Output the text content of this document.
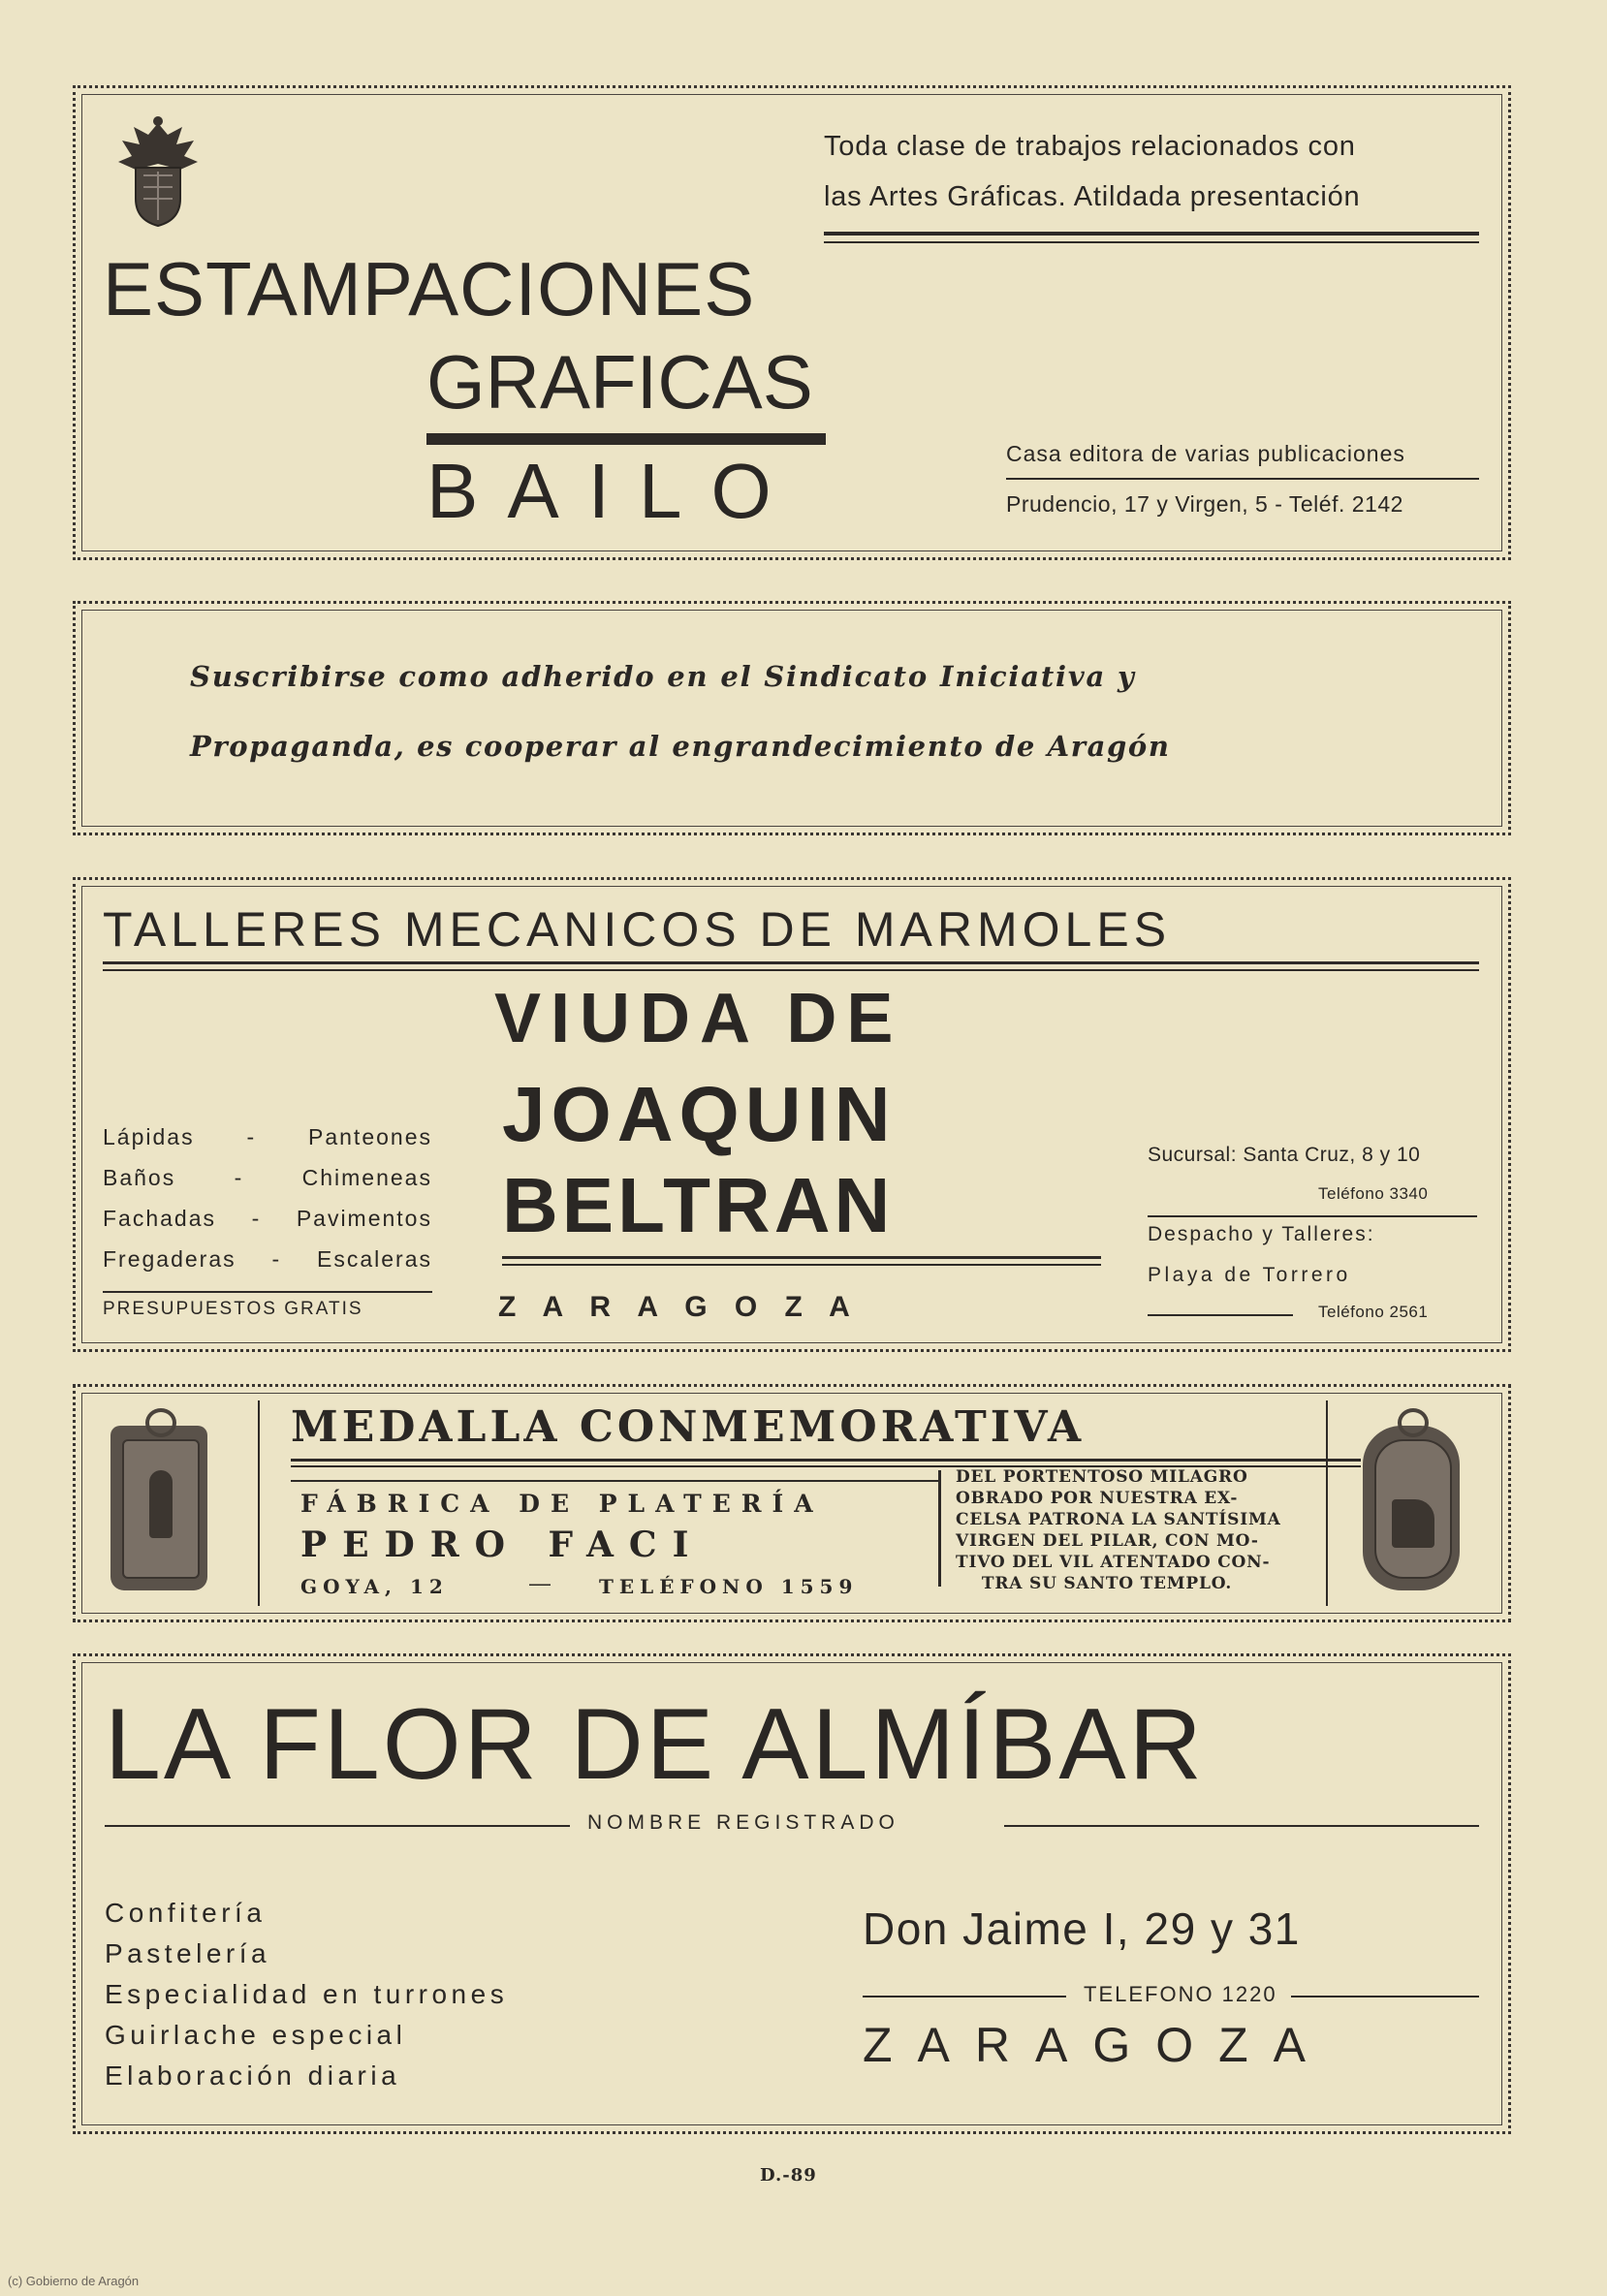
ESTAMPACIONES
GRAFICAS
BAILO
Toda clase de trabajos relacionados con
las Artes Gráficas. Atildada presentación
Casa editora de varias publicaciones
Prudencio, 17 y Virgen, 5 - Teléf. 2142
Suscribirse como adherido en el Sindicato Iniciativa y
Propaganda, es cooperar al engrandecimiento de Aragón
TALLERES MECANICOS DE MARMOLES
VIUDA DE
JOAQUIN
BELTRAN
Z A R A G O Z A
Lápidas - Panteones
Baños	-	Chimeneas
Fachadas - Pavimentos
Fregaderas - Escaleras
PRESUPUESTOS GRATIS
Sucursal: Santa Cruz, 8 y 10
Teléfono 3340
Despacho y Talleres:
Playa de Torrero
Teléfono 2561
MEDALLA CONMEMORATIVA
FÁBRICA DE PLATERÍA
PEDRO FACI
GOYA, 12	—	TELÉFONO 1559
DEL PORTENTOSO MILAGRO
OBRADO POR NUESTRA EX-
CELSA PATRONA LA SANTÍSIMA
VIRGEN DEL PILAR, CON MO-
TIVO DEL VIL ATENTADO CON-
TRA SU SANTO TEMPLO.
LA FLOR DE ALMÍBAR
NOMBRE REGISTRADO
Confitería
Pastelería
Especialidad en turrones
Guirlache especial
Elaboración diaria
Don Jaime I, 29 y 31
TELEFONO 1220
ZARAGOZA
D.-89
(c) Gobierno de Aragón
